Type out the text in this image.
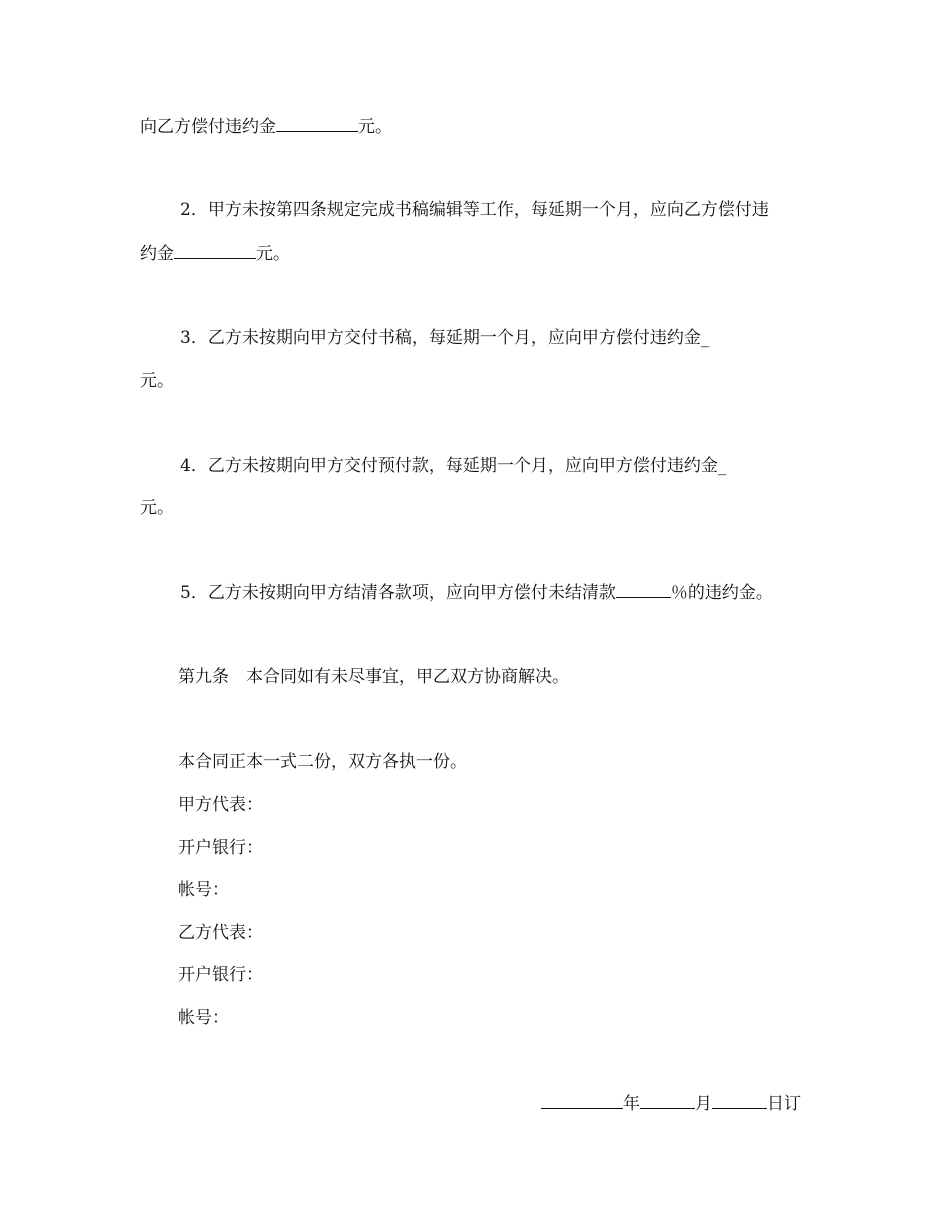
向乙方偿付违约金	元。
2．甲方未按第四条规定完成书稿编辑等工作，每延期一个月，应向乙方偿付违
约金	元。
3．乙方未按期向甲方交付书稿，每延期一个月，应向甲方偿付违约金_
元。
4．乙方未按期向甲方交付预付款，每延期一个月，应向甲方偿付违约金_
元。
5．乙方未按期向甲方结清各款项，应向甲方偿付未结清款	％的违约金。
第九条　本合同如有未尽事宜，甲乙双方协商解决。
本合同正本一式二份，双方各执一份。
甲方代表：
开户银行：
帐号：
乙方代表：
开户银行：
帐号：
年	月	日订
